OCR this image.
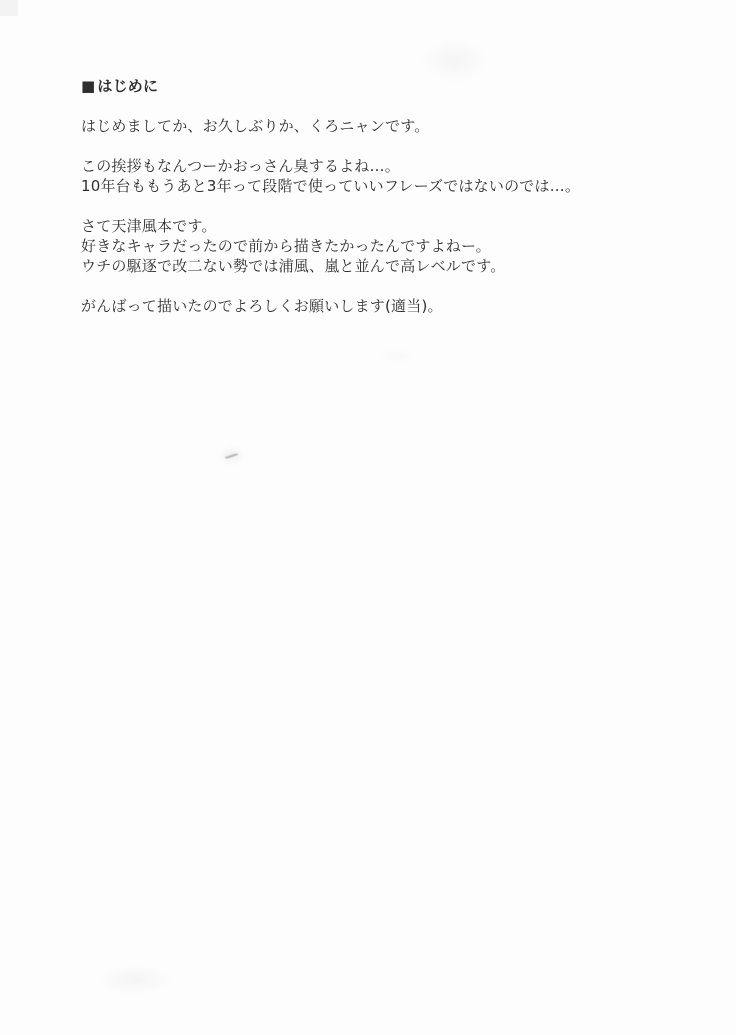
■ はじめに

はじめましてか、お久しぶりか、くろニャンです。

この挨拶もなんつーかおっさん臭するよね…。
10年台ももうあと3年って段階で使っていいフレーズではないのでは…。

さて天津風本です。
好きなキャラだったので前から描きたかったんですよねー。
ウチの駆逐で改二ない勢では浦風、嵐と並んで高レベルです。

がんばって描いたのでよろしくお願いします(適当)。
